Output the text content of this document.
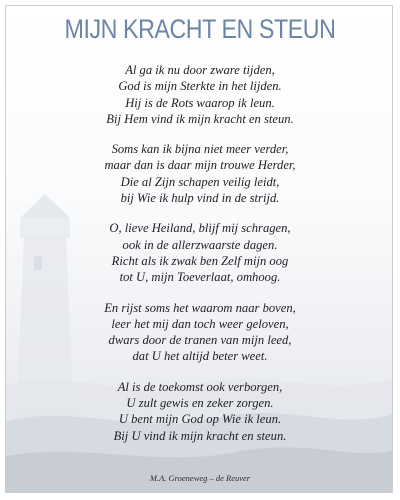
MIJN KRACHT EN STEUN
Al ga ik nu door zware tijden,
God is mijn Sterkte in het lijden.
Hij is de Rots waarop ik leun.
Bij Hem vind ik mijn kracht en steun.
Soms kan ik bijna niet meer verder,
maar dan is daar mijn trouwe Herder,
Die al Zijn schapen veilig leidt,
bij Wie ik hulp vind in de strijd.
O, lieve Heiland, blijf mij schragen,
ook in de allerzwaarste dagen.
Richt als ik zwak ben Zelf mijn oog
tot U, mijn Toeverlaat, omhoog.
En rijst soms het waarom naar boven,
leer het mij dan toch weer geloven,
dwars door de tranen van mijn leed,
dat U het altijd beter weet.
Al is de toekomst ook verborgen,
U zult gewis en zeker zorgen.
U bent mijn God op Wie ik leun.
Bij U vind ik mijn kracht en steun.
M.A. Groeneweg – de Reuver
